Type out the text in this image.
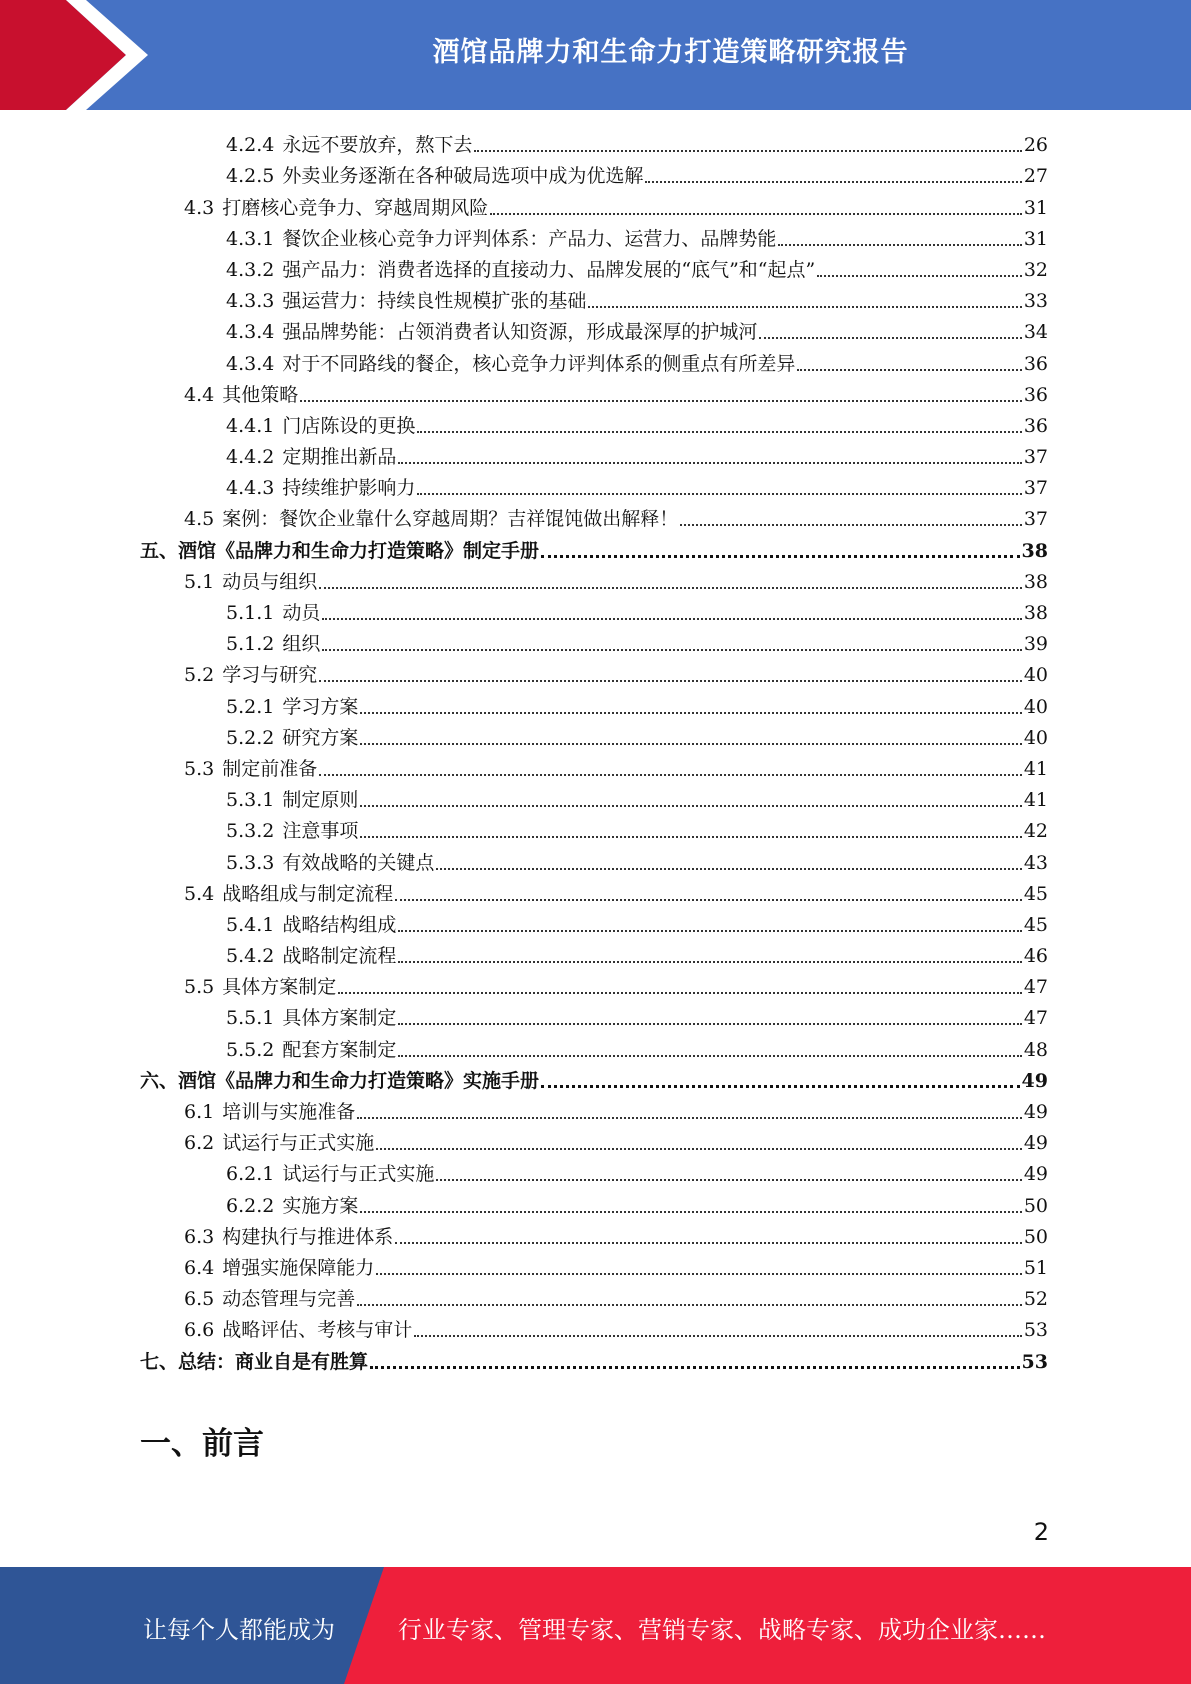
酒馆品牌力和生命力打造策略研究报告
4.2.4 永远不要放弃，熬下去	26
4.2.5 外卖业务逐渐在各种破局选项中成为优选解	27
4.3 打磨核心竞争力、穿越周期风险	31
4.3.1 餐饮企业核心竞争力评判体系：产品力、运营力、品牌势能	31
4.3.2 强产品力：消费者选择的直接动力、品牌发展的“底气”和“起点”	32
4.3.3 强运营力：持续良性规模扩张的基础	33
4.3.4 强品牌势能：占领消费者认知资源，形成最深厚的护城河	34
4.3.4 对于不同路线的餐企，核心竞争力评判体系的侧重点有所差异	36
4.4 其他策略	36
4.4.1 门店陈设的更换	36
4.4.2 定期推出新品	37
4.4.3 持续维护影响力	37
4.5 案例：餐饮企业靠什么穿越周期？吉祥馄饨做出解释！	37
五、酒馆《品牌力和生命力打造策略》制定手册	38
5.1 动员与组织	38
5.1.1 动员	38
5.1.2 组织	39
5.2 学习与研究	40
5.2.1 学习方案	40
5.2.2 研究方案	40
5.3 制定前准备	41
5.3.1 制定原则	41
5.3.2 注意事项	42
5.3.3 有效战略的关键点	43
5.4 战略组成与制定流程	45
5.4.1 战略结构组成	45
5.4.2 战略制定流程	46
5.5 具体方案制定	47
5.5.1 具体方案制定	47
5.5.2 配套方案制定	48
六、酒馆《品牌力和生命力打造策略》实施手册	49
6.1 培训与实施准备	49
6.2 试运行与正式实施	49
6.2.1 试运行与正式实施	49
6.2.2 实施方案	50
6.3 构建执行与推进体系	50
6.4 增强实施保障能力	51
6.5 动态管理与完善	52
6.6 战略评估、考核与审计	53
七、总结：商业自是有胜算	53
一、前言
2
让每个人都能成为	行业专家、管理专家、营销专家、战略专家、成功企业家……
